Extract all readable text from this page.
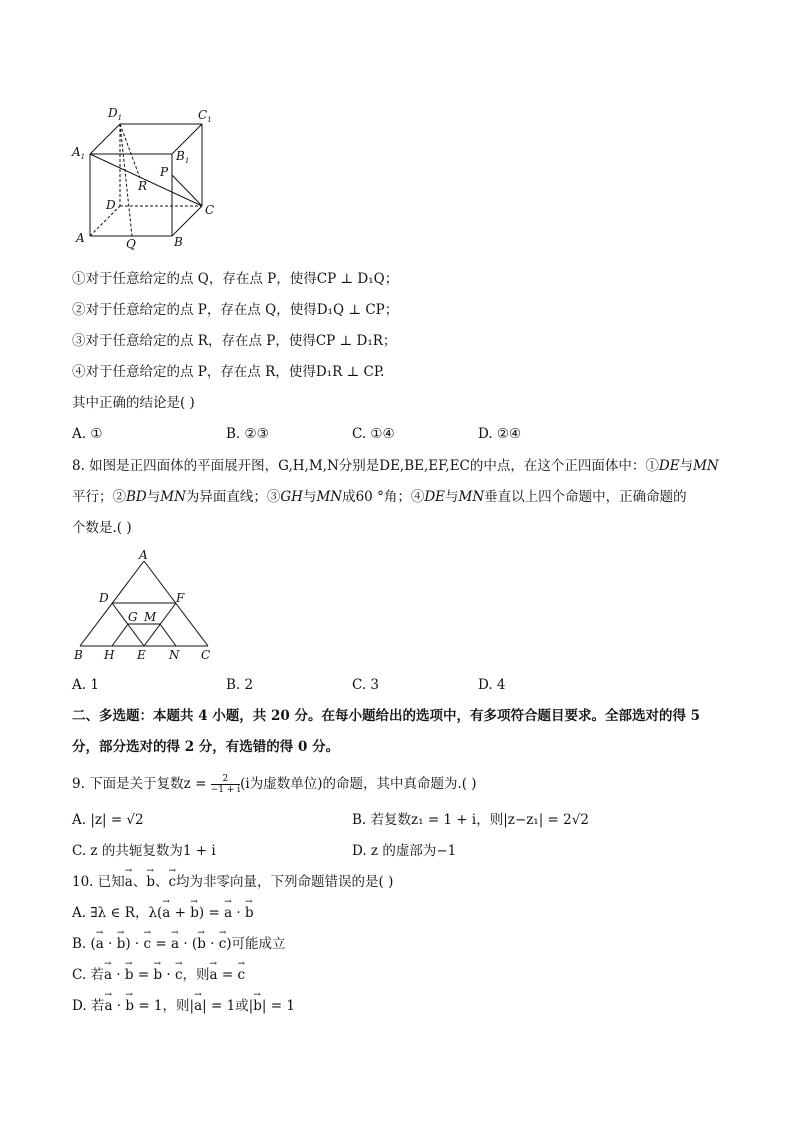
$D_1$	$C_1$
$A_1$	$B_1$
R
P
D	C
A	Q	B
①对于任意给定的点 Q，存在点 P，使得CP ⊥ D₁Q；
②对于任意给定的点 P，存在点 Q，使得D₁Q ⊥ CP；
③对于任意给定的点 R，存在点 P，使得CP ⊥ D₁R；
④对于任意给定的点 P，存在点 R，使得D₁R ⊥ CP.
其中正确的结论是( )
A. ①	B. ②③	C. ①④	D. ②④
8. 如图是正四面体的平面展开图，G,H,M,N分别是DE,BE,EF,EC的中点，在这个正四面体中：①DE与MN
平行；②BD与MN为异面直线；③GH与MN成60 °角；④DE与MN垂直以上四个命题中，正确命题的
个数是.( )
A
D	F
G M
B H E N C
A. 1	B. 2	C. 3	D. 4
二、多选题：本题共 4 小题，共 20 分。在每小题给出的选项中，有多项符合题目要求。全部选对的得 5
分，部分选对的得 2 分，有选错的得 0 分。
9. 下面是关于复数$z = \frac{2}{-1 + i} (i$为虚数单位)的命题，其中真命题为.( )
A. |z| = √2	B. 若复数z₁ = 1 + i，则|z−z₁| = 2√2
C. z 的共轭复数为1 + i	D. z 的虚部为−1
10. 已知→ a、→ b、→ c均为非零向量，下列命题错误的是( )
A. ∃λ ∈ R，λ(→ a + → b) = → a · → b
B. (→ a · → b) · → c = → a · (→ b · → c)可能成立
C. 若→ a · → b = → b · → c，则→ a = → c
D. 若→ a · → b = 1，则|→ a| = 1或|→ b| = 1
